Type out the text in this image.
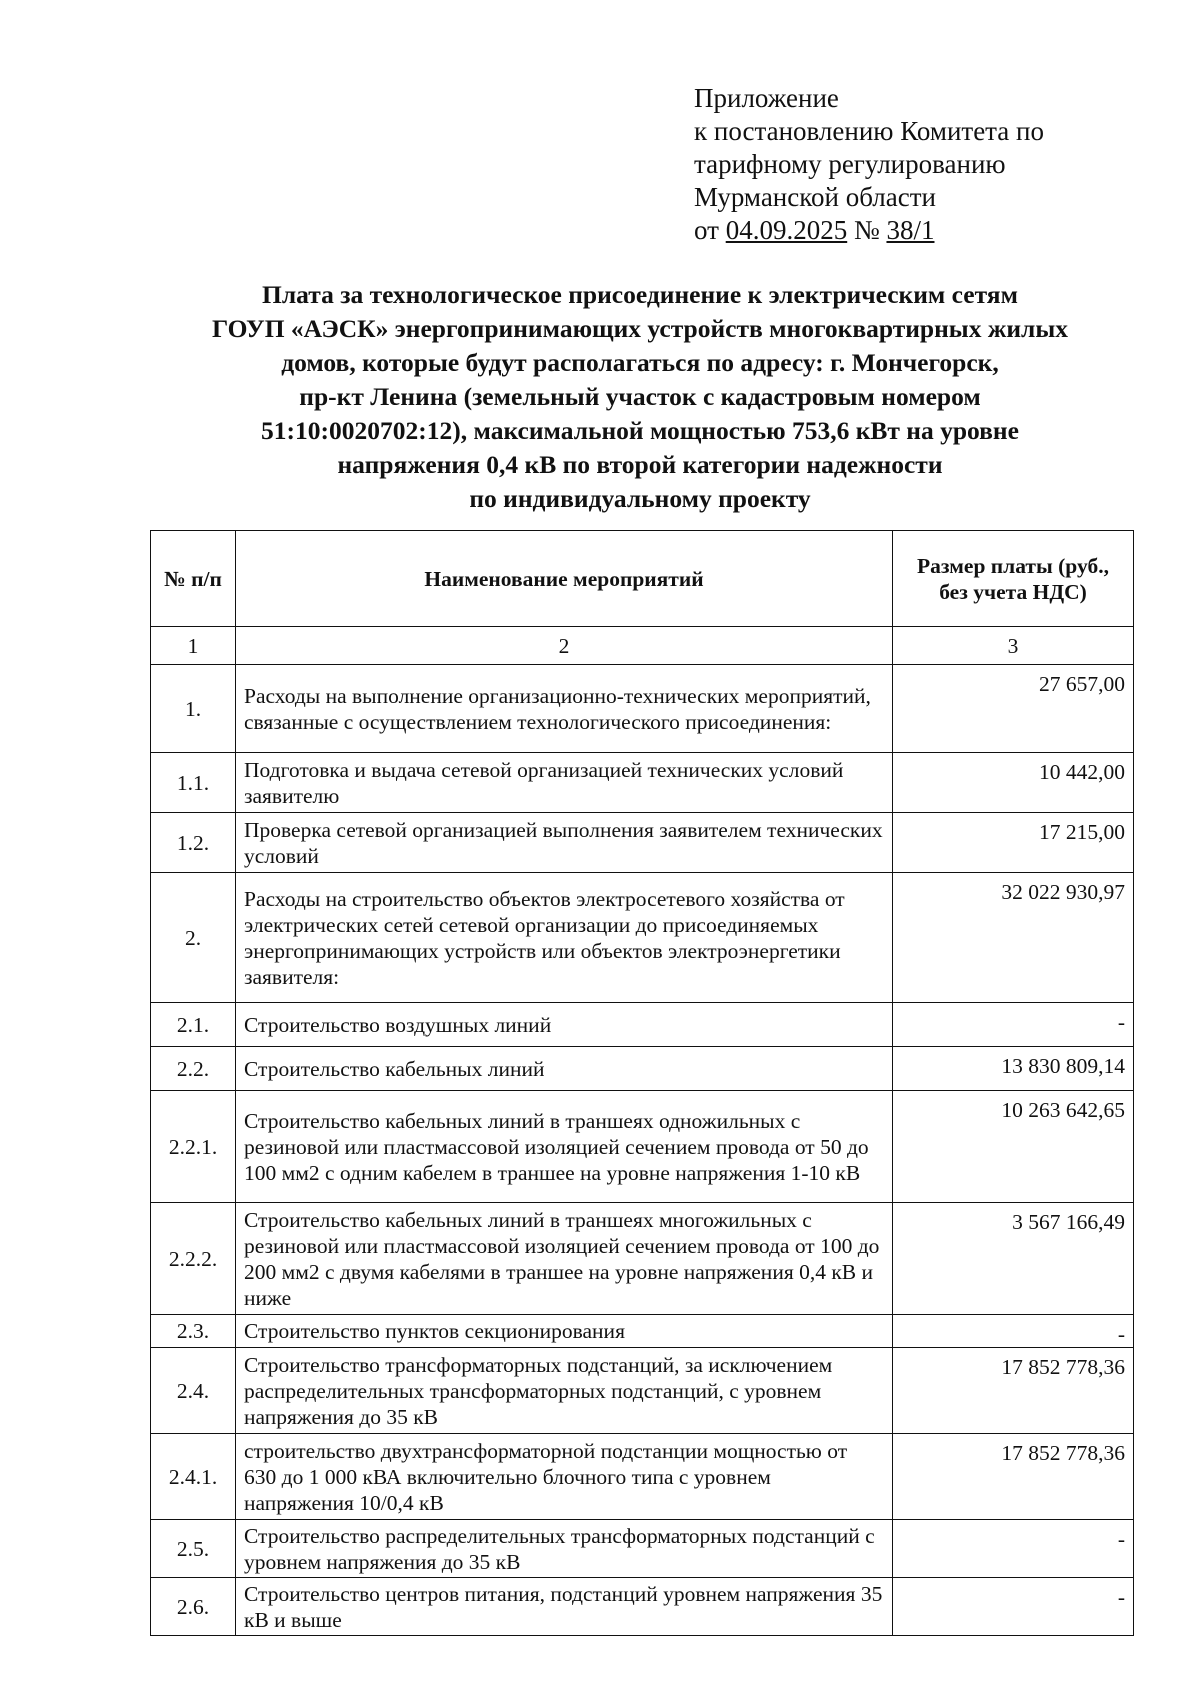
Приложение
к постановлению Комитета по
тарифному регулированию
Мурманской области
от 04.09.2025 № 38/1
Плата за технологическое присоединение к электрическим сетям
ГОУП «АЭСК» энергопринимающих устройств многоквартирных жилых
домов, которые будут располагаться по адресу: г. Мончегорск,
пр-кт Ленина (земельный участок с кадастровым номером
51:10:0020702:12), максимальной мощностью 753,6 кВт на уровне
напряжения 0,4 кВ по второй категории надежности
по индивидуальному проекту
№ п/п	Наименование мероприятий	Размер платы (руб., без учета НДС)
1	2	3
1.	Расходы на выполнение организационно-технических мероприятий, связанные с осуществлением технологического присоединения:	27 657,00
1.1.	Подготовка и выдача сетевой организацией технических условий заявителю	10 442,00
1.2.	Проверка сетевой организацией выполнения заявителем технических условий	17 215,00
2.	Расходы на строительство объектов электросетевого хозяйства от электрических сетей сетевой организации до присоединяемых энергопринимающих устройств или объектов электроэнергетики заявителя:	32 022 930,97
2.1.	Строительство воздушных линий	-
2.2.	Строительство кабельных линий	13 830 809,14
2.2.1.	Строительство кабельных линий в траншеях одножильных с резиновой или пластмассовой изоляцией сечением провода от 50 до 100 мм2 с одним кабелем в траншее на уровне напряжения 1-10 кВ	10 263 642,65
2.2.2.	Строительство кабельных линий в траншеях многожильных с резиновой или пластмассовой изоляцией сечением провода от 100 до 200 мм2 с двумя кабелями в траншее на уровне напряжения 0,4 кВ и ниже	3 567 166,49
2.3.	Строительство пунктов секционирования	-
2.4.	Строительство трансформаторных подстанций, за исключением распределительных трансформаторных подстанций, с уровнем напряжения до 35 кВ	17 852 778,36
2.4.1.	строительство двухтрансформаторной подстанции мощностью от 630 до 1 000 кВА включительно блочного типа с уровнем напряжения 10/0,4 кВ	17 852 778,36
2.5.	Строительство распределительных трансформаторных подстанций с уровнем напряжения до 35 кВ	-
2.6.	Строительство центров питания, подстанций уровнем напряжения 35 кВ и выше	-
